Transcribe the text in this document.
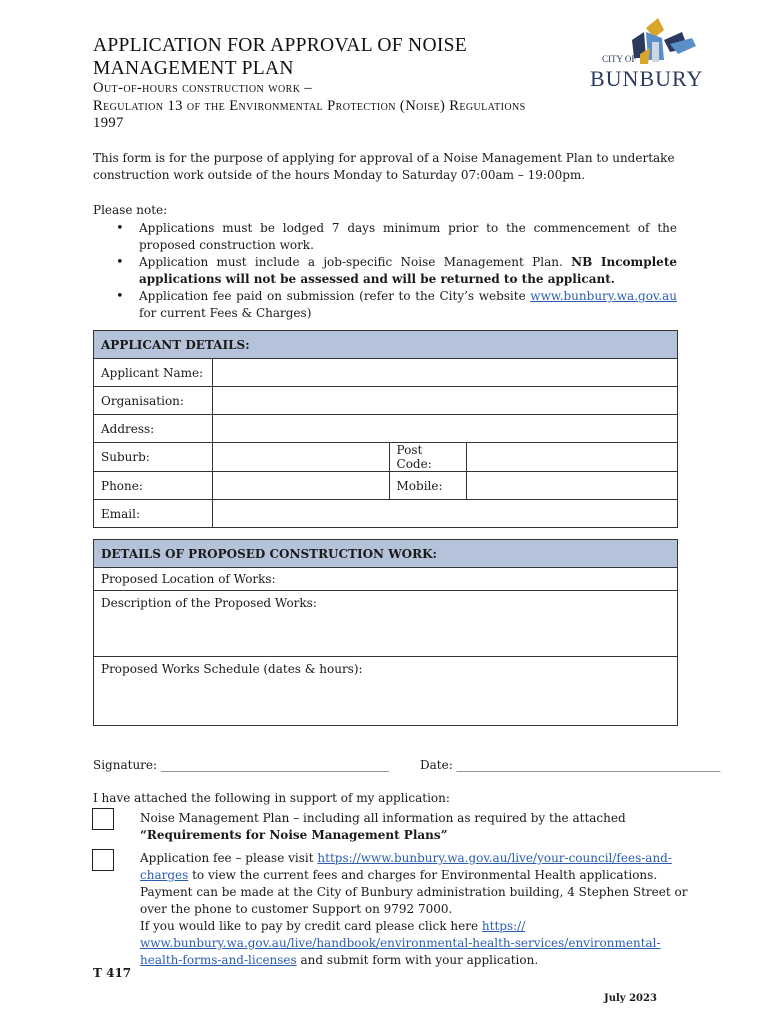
APPLICATION FOR APPROVAL OF NOISE
MANAGEMENT PLAN
Out-of-hours construction work –
Regulation 13 of the Environmental Protection (Noise) Regulations
1997
CITY OF
BUNBURY
This form is for the purpose of applying for approval of a Noise Management Plan to undertake construction work outside of the hours Monday to Saturday 07:00am – 19:00pm.
Please note:
• Applications must be lodged 7 days minimum prior to the commencement of the proposed construction work.
• Application must include a job-specific Noise Management Plan. NB Incomplete applications will not be assessed and will be returned to the applicant.
• Application fee paid on submission (refer to the City’s website www.bunbury.wa.gov.au for current Fees & Charges)
APPLICANT DETAILS:			
Applicant Name:			
Organisation:			
Address:			
Suburb:		Post Code:	
Phone:		Mobile:	
Email:			
DETAILS OF PROPOSED CONSTRUCTION WORK:
Proposed Location of Works:
Description of the Proposed Works:
Proposed Works Schedule (dates & hours):
Signature: ______________________________________	Date: ____________________________________________
I have attached the following in support of my application:
Noise Management Plan – including all information as required by the attached
“Requirements for Noise Management Plans”
Application fee – please visit https://www.bunbury.wa.gov.au/live/your-council/fees-and-charges to view the current fees and charges for Environmental Health applications. Payment can be made at the City of Bunbury administration building, 4 Stephen Street or over the phone to customer Support on 9792 7000.
If you would like to pay by credit card please click here https:// www.bunbury.wa.gov.au/live/handbook/environmental-health-services/environmental-health-forms-and-licenses and submit form with your application.
T 417
July 2023
